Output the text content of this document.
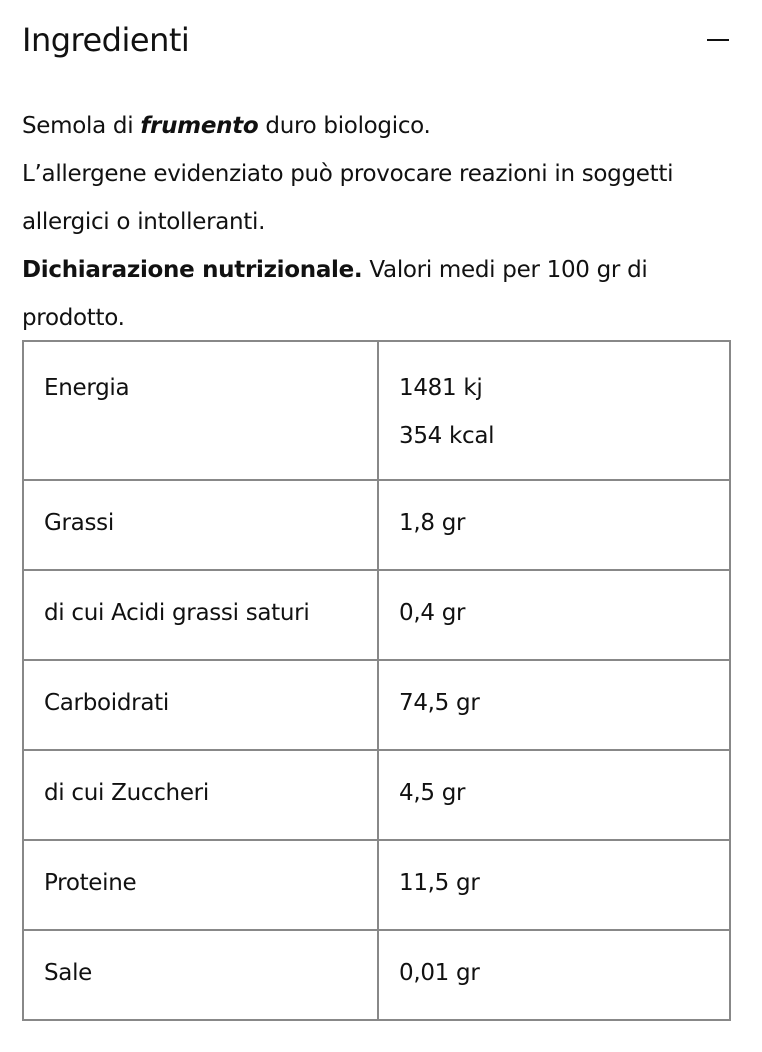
Ingredienti

Semola di frumento duro biologico.

L’allergene evidenziato può provocare reazioni in soggetti allergici o intolleranti.

Dichiarazione nutrizionale. Valori medi per 100 gr di prodotto.

Energia	1481 kj
354 kcal

Grassi	1,8 gr

di cui Acidi grassi saturi	0,4 gr

Carboidrati	74,5 gr

di cui Zuccheri	4,5 gr

Proteine	11,5 gr

Sale	0,01 gr
